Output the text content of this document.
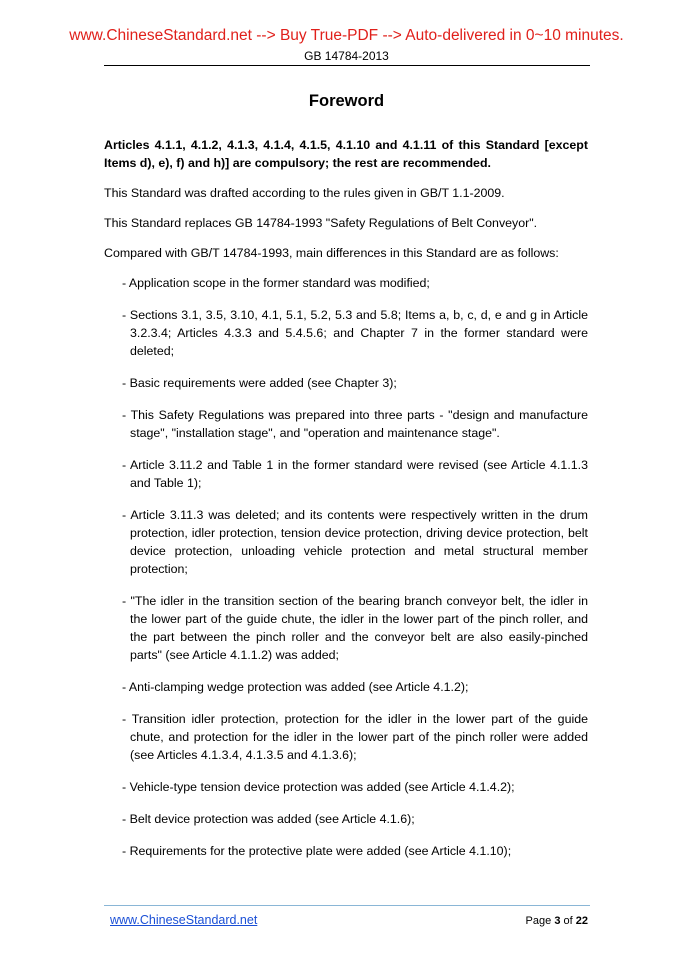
www.ChineseStandard.net --> Buy True-PDF --> Auto-delivered in 0~10 minutes.
GB 14784-2013
Foreword

Articles 4.1.1, 4.1.2, 4.1.3, 4.1.4, 4.1.5, 4.1.10 and 4.1.11 of this Standard [except Items d), e), f) and h)] are compulsory; the rest are recommended.

This Standard was drafted according to the rules given in GB/T 1.1-2009.

This Standard replaces GB 14784-1993 "Safety Regulations of Belt Conveyor".

Compared with GB/T 14784-1993, main differences in this Standard are as follows:

- Application scope in the former standard was modified;
- Sections 3.1, 3.5, 3.10, 4.1, 5.1, 5.2, 5.3 and 5.8; Items a, b, c, d, e and g in Article 3.2.3.4; Articles 4.3.3 and 5.4.5.6; and Chapter 7 in the former standard were deleted;
- Basic requirements were added (see Chapter 3);
- This Safety Regulations was prepared into three parts - "design and manufacture stage", "installation stage", and "operation and maintenance stage".
- Article 3.11.2 and Table 1 in the former standard were revised (see Article 4.1.1.3 and Table 1);
- Article 3.11.3 was deleted; and its contents were respectively written in the drum protection, idler protection, tension device protection, driving device protection, belt device protection, unloading vehicle protection and metal structural member protection;
- "The idler in the transition section of the bearing branch conveyor belt, the idler in the lower part of the guide chute, the idler in the lower part of the pinch roller, and the part between the pinch roller and the conveyor belt are also easily-pinched parts" (see Article 4.1.1.2) was added;
- Anti-clamping wedge protection was added (see Article 4.1.2);
- Transition idler protection, protection for the idler in the lower part of the guide chute, and protection for the idler in the lower part of the pinch roller were added (see Articles 4.1.3.4, 4.1.3.5 and 4.1.3.6);
- Vehicle-type tension device protection was added (see Article 4.1.4.2);
- Belt device protection was added (see Article 4.1.6);
- Requirements for the protective plate were added (see Article 4.1.10);
www.ChineseStandard.net	Page 3 of 22
